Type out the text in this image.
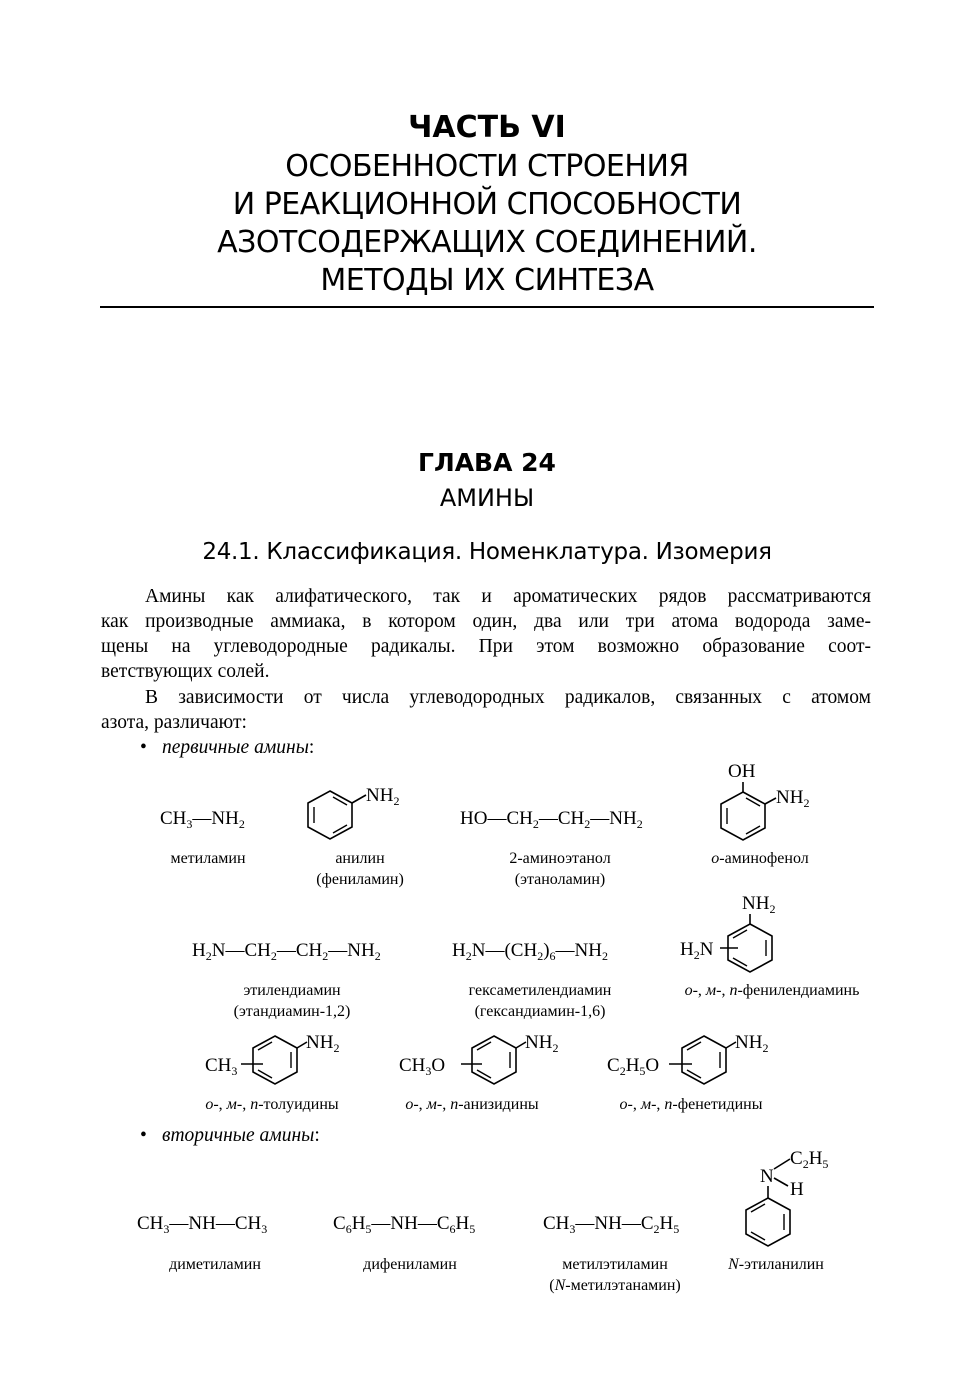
ЧАСТЬ VI
ОСОБЕННОСТИ СТРОЕНИЯ
И РЕАКЦИОННОЙ СПОСОБНОСТИ
АЗОТСОДЕРЖАЩИХ СОЕДИНЕНИЙ.
МЕТОДЫ ИХ СИНТЕЗА
ГЛАВА 24
АМИНЫ
24.1. Классификация. Номенклатура. Изомерия
Амины как алифатического, так и ароматических рядов рассматриваются
как производные аммиака, в котором один, два или три атома водорода заме-
щены на углеводородные радикалы. При этом возможно образование соот-
ветствующих солей.
В зависимости от числа углеводородных радикалов, связанных с атомом
азота, различают:
• первичные амины:
$CH_3—NH_2$
метиламин
$NH_2$
анилин
(фениламин)
$HO—CH_2—CH_2—NH_2$
2-аминоэтанол
(этаноламин)
OH
$NH_2$
о-аминофенол
$H_2N—CH_2—CH_2—NH_2$
этилендиамин
(этандиамин-1,2)
$H_2N—(CH_2)_6—NH_2$
гексаметилендиамин
(гександиамин-1,6)
$NH_2$
$H_2N$
о-, м-, п-фенилендиаминь
$NH_2$
$CH_3$
о-, м-, п-толуидины
$NH_2$
$CH_3O$
о-, м-, п-анизидины
$NH_2$
$C_2H_5O$
о-, м-, п-фенетидины
• вторичные амины:
$CH_3—NH—CH_3$
диметиламин
$C_6H_5—NH—C_6H_5$
дифениламин
$CH_3—NH—C_2H_5$
метилэтиламин
(N-метилэтанамин)
N
$C_2H_5$
H
N-этиланилин
